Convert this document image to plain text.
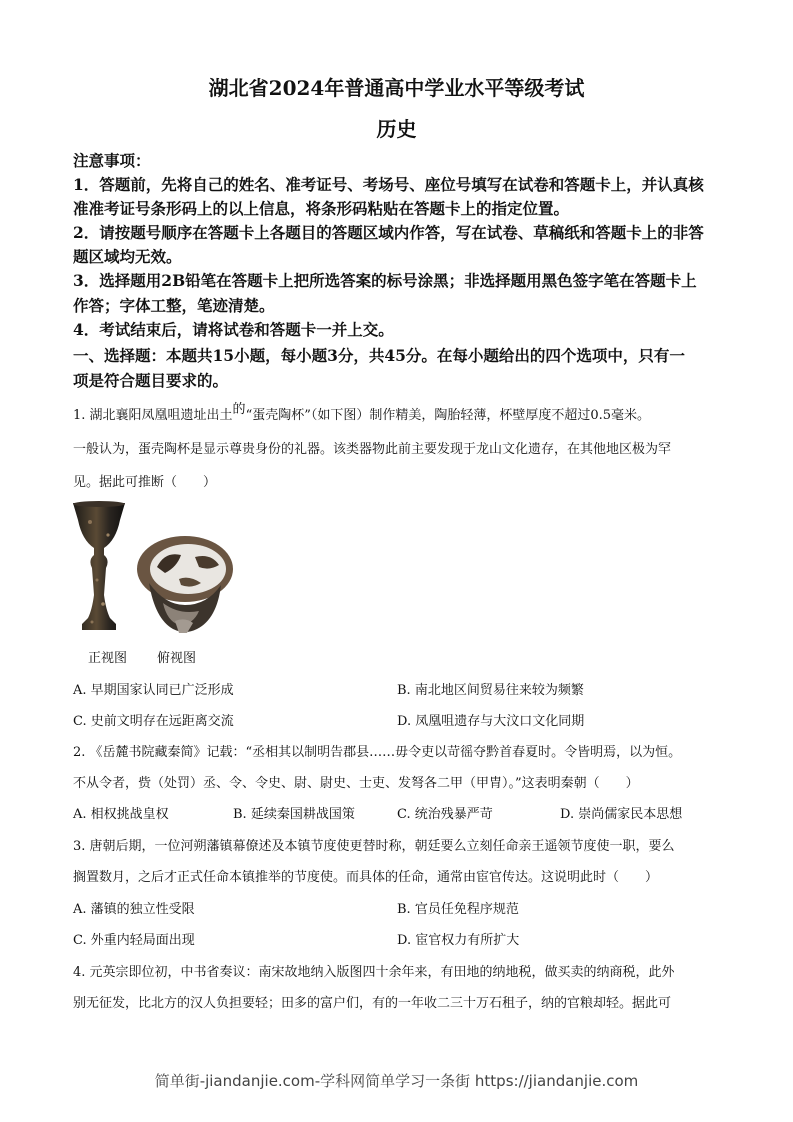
湖北省2024年普通高中学业水平等级考试
历史
注意事项：
1．答题前，先将自己的姓名、准考证号、考场号、座位号填写在试卷和答题卡上，并认真核
准准考证号条形码上的以上信息，将条形码粘贴在答题卡上的指定位置。
2．请按题号顺序在答题卡上各题目的答题区域内作答，写在试卷、草稿纸和答题卡上的非答
题区域均无效。
3．选择题用2B铅笔在答题卡上把所选答案的标号涂黑；非选择题用黑色签字笔在答题卡上
作答；字体工整，笔迹清楚。
4．考试结束后，请将试卷和答题卡一并上交。
一、选择题：本题共15小题，每小题3分，共45分。在每小题给出的四个选项中，只有一
项是符合题目要求的。
1. 湖北襄阳凤凰咀遗址出土的“蛋壳陶杯”（如下图）制作精美，陶胎轻薄，杯壁厚度不超过0.5毫米。
一般认为，蛋壳陶杯是显示尊贵身份的礼器。该类器物此前主要发现于龙山文化遗存，在其他地区极为罕
见。据此可推断（　　）
正视图 俯视图
A. 早期国家认同已广泛形成	B. 南北地区间贸易往来较为频繁
C. 史前文明存在远距离交流	D. 凤凰咀遗存与大汶口文化同期
2. 《岳麓书院藏秦简》记载：“丞相其以制明告郡县……毋令吏以苛徭夺黔首春夏时。令皆明焉，以为恒。
不从令者，赀（处罚）丞、令、令史、尉、尉史、士吏、发弩各二甲（甲胄）。”这表明秦朝（　　）
A. 相权挑战皇权	B. 延续秦国耕战国策	C. 统治残暴严苛	D. 崇尚儒家民本思想
3. 唐朝后期，一位河朔藩镇幕僚述及本镇节度使更替时称，朝廷要么立刻任命亲王遥领节度使一职，要么
搁置数月，之后才正式任命本镇推举的节度使。而具体的任命，通常由宦官传达。这说明此时（　　）
A. 藩镇的独立性受限	B. 官员任免程序规范
C. 外重内轻局面出现	D. 宦官权力有所扩大
4. 元英宗即位初，中书省奏议：南宋故地纳入版图四十余年来，有田地的纳地税，做买卖的纳商税，此外
别无征发，比北方的汉人负担要轻；田多的富户们，有的一年收二三十万石租子，纳的官粮却轻。据此可
简单街-jiandanjie.com-学科网简单学习一条街 https://jiandanjie.com
